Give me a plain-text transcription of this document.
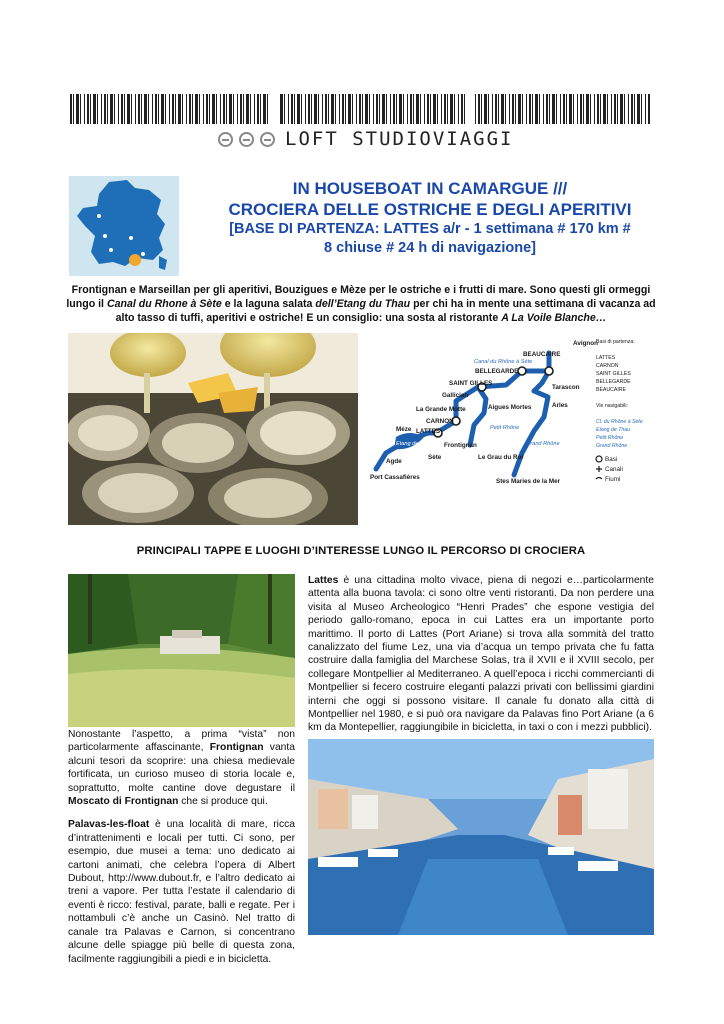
LOFT STUDIOVIAGGI
IN HOUSEBOAT IN CAMARGUE ///
CROCIERA DELLE OSTRICHE E DEGLI APERITIVI
[BASE DI PARTENZA: LATTES a/r - 1 settimana # 170 km #
8 chiuse # 24 h di navigazione]
Frontignan e Marseillan per gli aperitivi, Bouzigues e Mèze per le ostriche e i frutti di mare. Sono questi gli ormeggi lungo il Canal du Rhone à Sète e la laguna salata dell’Etang du Thau per chi ha in mente una settimana di vacanza ad alto tasso di tuffi, aperitivi e ostriche! E un consiglio: una sosta al ristorante A La Voile Blanche…
Avignon
BEAUCAIRE
BELLEGARDE
SAINT GILLES
Tarascon
Gallician
Arles
La Grande Motte	Aigues Mortes
CARNON
Méze LATTES
Frontignan
Sète
Agde
Le Grau du Roi
Port Cassafières
Stes Maries de la Mer
Canal du Rhône à Sète
Petit Rhône
Grand Rhône
Etang de Thau
Basi di partenza:
LATTES
CARNON
SAINT GILLES
BELLEGARDE
BEAUCAIRE
Vie navigabili:
Cl. du Rhône à Sète
Etang de Thau
Petit Rhône
Grand Rhône
Basi
Canali
Fiumi
PRINCIPALI TAPPE E LUOGHI D’INTERESSE LUNGO IL PERCORSO DI CROCIERA

Nonostante l’aspetto, a prima “vista” non particolarmente affascinante, Frontignan vanta alcuni tesori da scoprire: una chiesa medievale fortificata, un curioso museo di storia locale e, soprattutto, molte cantine dove degustare il Moscato di Frontignan che si produce qui.

Palavas-les-float è una località di mare, ricca d’intrattenimenti e locali per tutti. Ci sono, per esempio, due musei a tema: uno dedicato ai cartoni animati, che celebra l’opera di Albert Dubout, http://www.dubout.fr, e l’altro dedicato ai treni a vapore. Per tutta l’estate il calendario di eventi è ricco: festival, parate, balli e regate. Per i nottambuli c’è anche un Casinò. Nel tratto di canale tra Palavas e Carnon, si concentrano alcune delle spiagge più belle di questa zona, facilmente raggiungibili a piedi e in bicicletta.

Lattes è una cittadina molto vivace, piena di negozi e…particolarmente attenta alla buona tavola: ci sono oltre venti ristoranti. Da non perdere una visita al Museo Archeologico “Henri Prades” che espone vestigia del periodo gallo-romano, epoca in cui Lattes era un importante porto marittimo. Il porto di Lattes (Port Ariane) si trova alla sommità del tratto canalizzato del fiume Lez, una via d’acqua un tempo privata che fu fatta costruire dalla famiglia del Marchese Solas, tra il XVII e il XVIII secolo, per collegare Montpellier al Mediterraneo. A quell’epoca i ricchi commercianti di Montpellier si fecero costruire eleganti palazzi privati con bellissimi giardini interni che oggi si possono visitare. Il canale fu donato alla città di Montpellier nel 1980, e si può ora navigare da Palavas fino Port Ariane (a 6 km da Montepellier, raggiungibile in bicicletta, in taxi o con i mezzi pubblici).
